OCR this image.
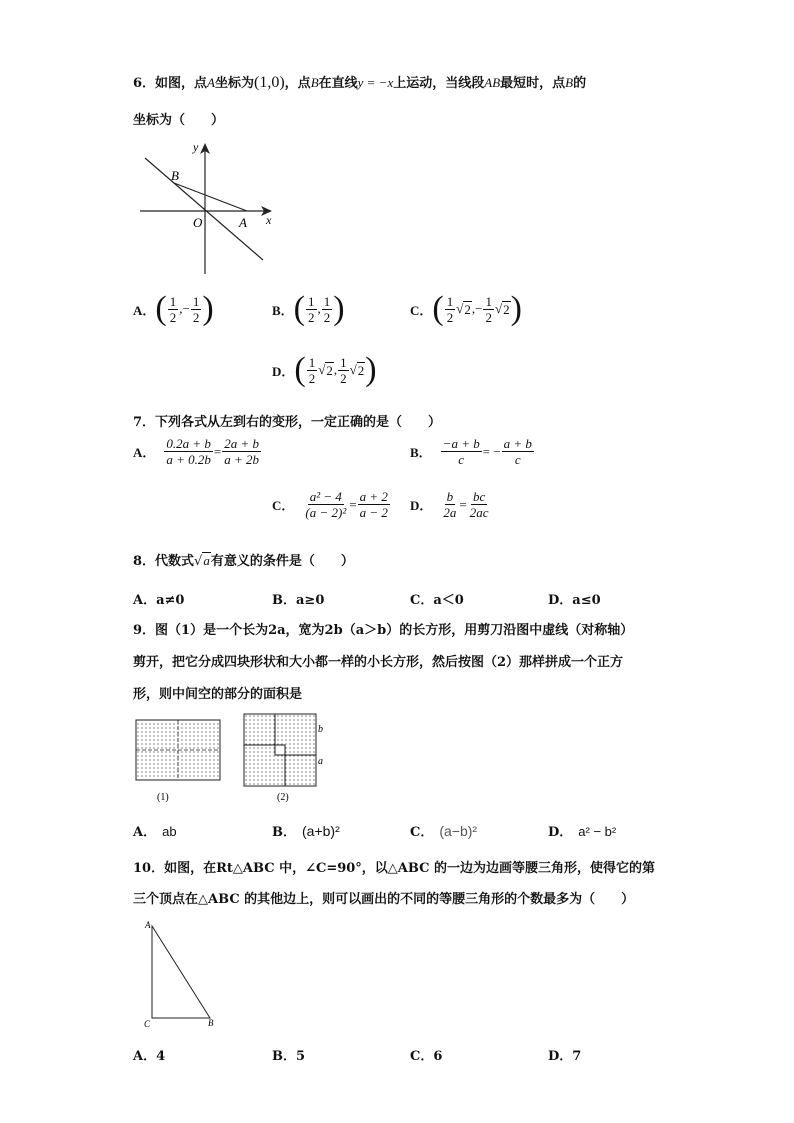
6．如图，点A坐标为(1,0)，点B在直线y = −x上运动，当线段AB最短时，点B的
坐标为（　　）
y
B
O	A x
A． ( $\frac{1}{2}$ ,− $\frac{1}{2}$ )	B． ( $\frac{1}{2}$ , $\frac{1}{2}$ )	C． ( $\frac{1}{2}$ √ 2 ,− $\frac{1}{2}$ √ 2 )
D． ( $\frac{1}{2}$ √ 2 , $\frac{1}{2}$ √ 2 )
7．下列各式从左到右的变形，一定正确的是（　　）
A． $\frac{0.2a + b}{a + 0.2b} = \frac{2a + b}{a + 2b}$	B． $\frac{-a + b}{c}$ = − $\frac{a + b}{c}$
C． $\frac{\text{a² − 4}}{\text{(a − 2)²}} = \frac{a + 2}{a - 2}$ D． $\frac{b}{2a} = \frac{bc}{2ac}$
8．代数式√a有意义的条件是（　　）
A．a≠0	B．a≥0	C．a＜0	D．a≤0
9．图（1）是一个长为2a，宽为2b（a＞b）的长方形，用剪刀沿图中虚线（对称轴）
剪开，把它分成四块形状和大小都一样的小长方形，然后按图（2）那样拼成一个正方
形，则中间空的部分的面积是
(1)
b
a
(2)
A． ab	B． (a+b)²	C． (a−b)²	D． a² − b²
10．如图，在Rt△ABC 中，∠C=90°，以△ABC 的一边为边画等腰三角形，使得它的第
三个顶点在△ABC 的其他边上，则可以画出的不同的等腰三角形的个数最多为（　　）
A
C	B
A．4	B．5	C．6	D．7
